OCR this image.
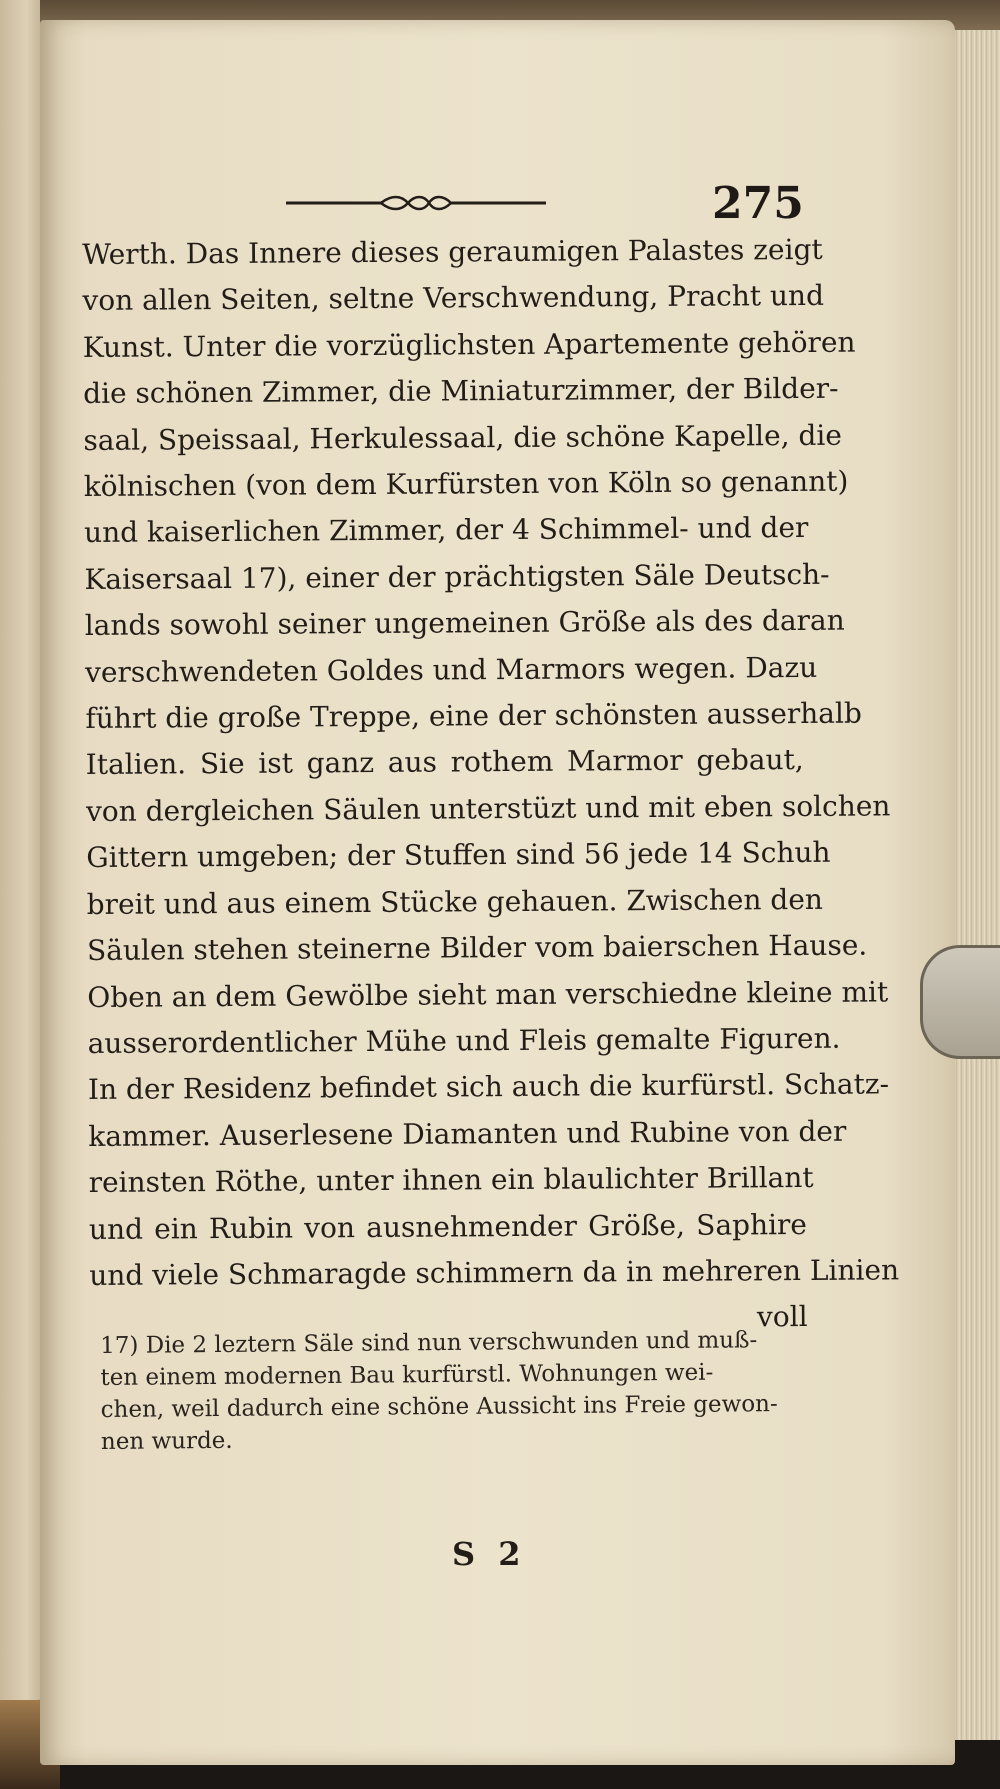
275

Werth. Das Innere dieses geraumigen Palastes zeigt
von allen Seiten, seltne Verschwendung, Pracht und
Kunst. Unter die vorzüglichsten Apartemente gehören
die schönen Zimmer, die Miniaturzimmer, der Bilder-
saal, Speissaal, Herkulessaal, die schöne Kapelle, die
kölnischen (von dem Kurfürsten von Köln so genannt)
und kaiserlichen Zimmer, der 4 Schimmel- und der
Kaisersaal 17), einer der prächtigsten Säle Deutsch-
lands sowohl seiner ungemeinen Größe als des daran
verschwendeten Goldes und Marmors wegen. Dazu
führt die große Treppe, eine der schönsten ausserhalb
Italien. Sie ist ganz aus rothem Marmor gebaut,
von dergleichen Säulen unterstüzt und mit eben solchen
Gittern umgeben; der Stuffen sind 56 jede 14 Schuh
breit und aus einem Stücke gehauen. Zwischen den
Säulen stehen steinerne Bilder vom baierschen Hause.
Oben an dem Gewölbe sieht man verschiedne kleine mit
ausserordentlicher Mühe und Fleis gemalte Figuren.
In der Residenz befindet sich auch die kurfürstl. Schatz-
kammer. Auserlesene Diamanten und Rubine von der
reinsten Röthe, unter ihnen ein blaulichter Brillant
und ein Rubin von ausnehmender Größe, Saphire
und viele Schmaragde schimmern da in mehreren Linien
voll
17) Die 2 leztern Säle sind nun verschwunden und muß-
ten einem modernen Bau kurfürstl. Wohnungen wei-
chen, weil dadurch eine schöne Aussicht ins Freie gewon-
nen wurde.

S 2
